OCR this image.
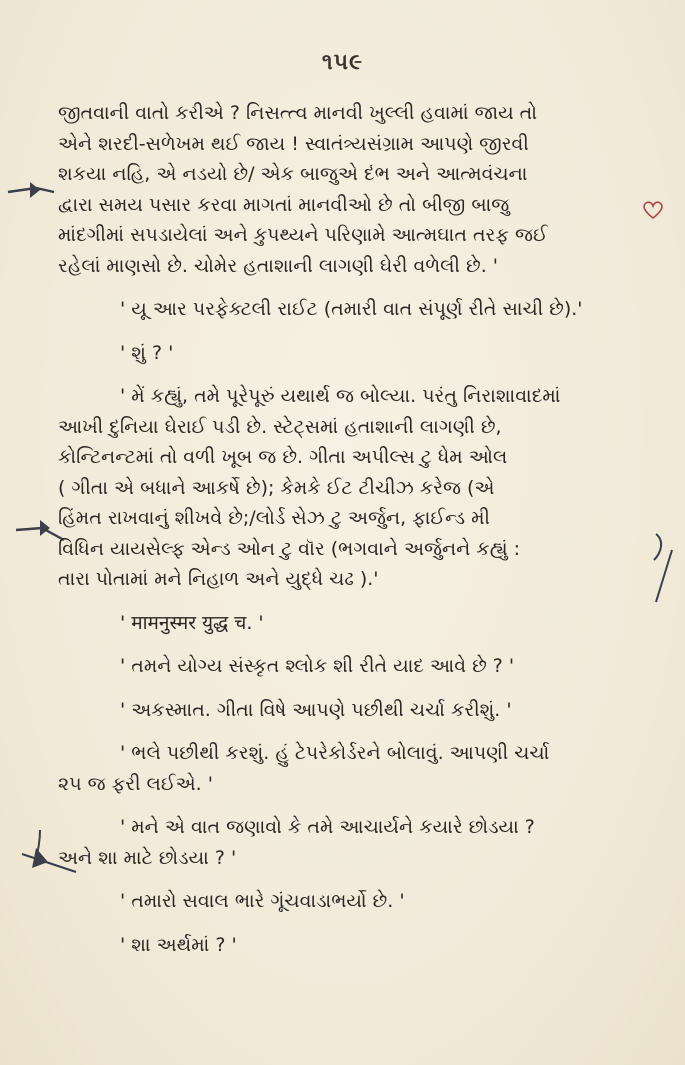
૧૫૯

જીતવાની વાતો કરીએ ? નિસત્ત્વ માનવી ખુલ્લી હવામાં જાય તો
એને શરદી-સળેખમ થઈ જાય ! સ્વાતંત્ર્યસંગ્રામ આપણે જીરવી
શકયા નહિ, એ નડયો છે/ એક બાજુએ દંભ અને આત્મવંચના
દ્વારા સમય પસાર કરવા માગતાં માનવીઓ છે તો બીજી બાજુ
માંદગીમાં સપડાયેલાં અને કુપથ્યને પરિણામે આત્મઘાત તરફ જઈ
રહેલાં માણસો છે. ચોમેર હતાશાની લાગણી ઘેરી વળેલી છે. '

' યૂ આર પરફેક્ટલી રાઈટ (તમારી વાત સંપૂર્ણ રીતે સાચી છે).'

' શું ? '

' મેં કહ્યું, તમે પૂરેપૂરું યથાર્થ જ બોલ્યા. પરંતુ નિરાશાવાદમાં
આખી દુનિયા ઘેરાઈ પડી છે. સ્ટેટ્સમાં હતાશાની લાગણી છે,
કોન્ટિનન્ટમાં તો વળી ખૂબ જ છે. ગીતા અપીલ્સ ટુ ધેમ ઓલ
( ગીતા એ બધાને આકર્ષે છે); કેમકે ઈટ ટીચીઝ કરેજ (એ
હિંમત રાખવાનું શીખવે છે;/લોર્ડ સેઝ ટુ અર્જુન, ફાઈન્ડ મી
વિધિન યાયસેલ્ફ એન્ડ ઓન ટુ વૉર (ભગવાને અર્જુનને કહ્યું :
તારા પોતામાં મને નિહાળ અને યુદ્ધે ચઢ ).'

' मामनुस्मर युद्ध च. '

' તમને યોગ્ય સંસ્કૃત શ્લોક શી રીતે યાદ આવે છે ? '

' અકસ્માત. ગીતા વિષે આપણે પછીથી ચર્ચા કરીશું. '

' ભલે પછીથી કરશું. હું ટેપરેકોર્ડરને બોલાવું. આપણી ચર્ચા
૨૫ જ ફરી લઈએ. '

' મને એ વાત જણાવો કે તમે આચાર્યને કયારે છોડયા ?
અને શા માટે છોડયા ? '

' તમારો સવાલ ભારે ગૂંચવાડાભર્યો છે. '

' શા અર્થમાં ? '
